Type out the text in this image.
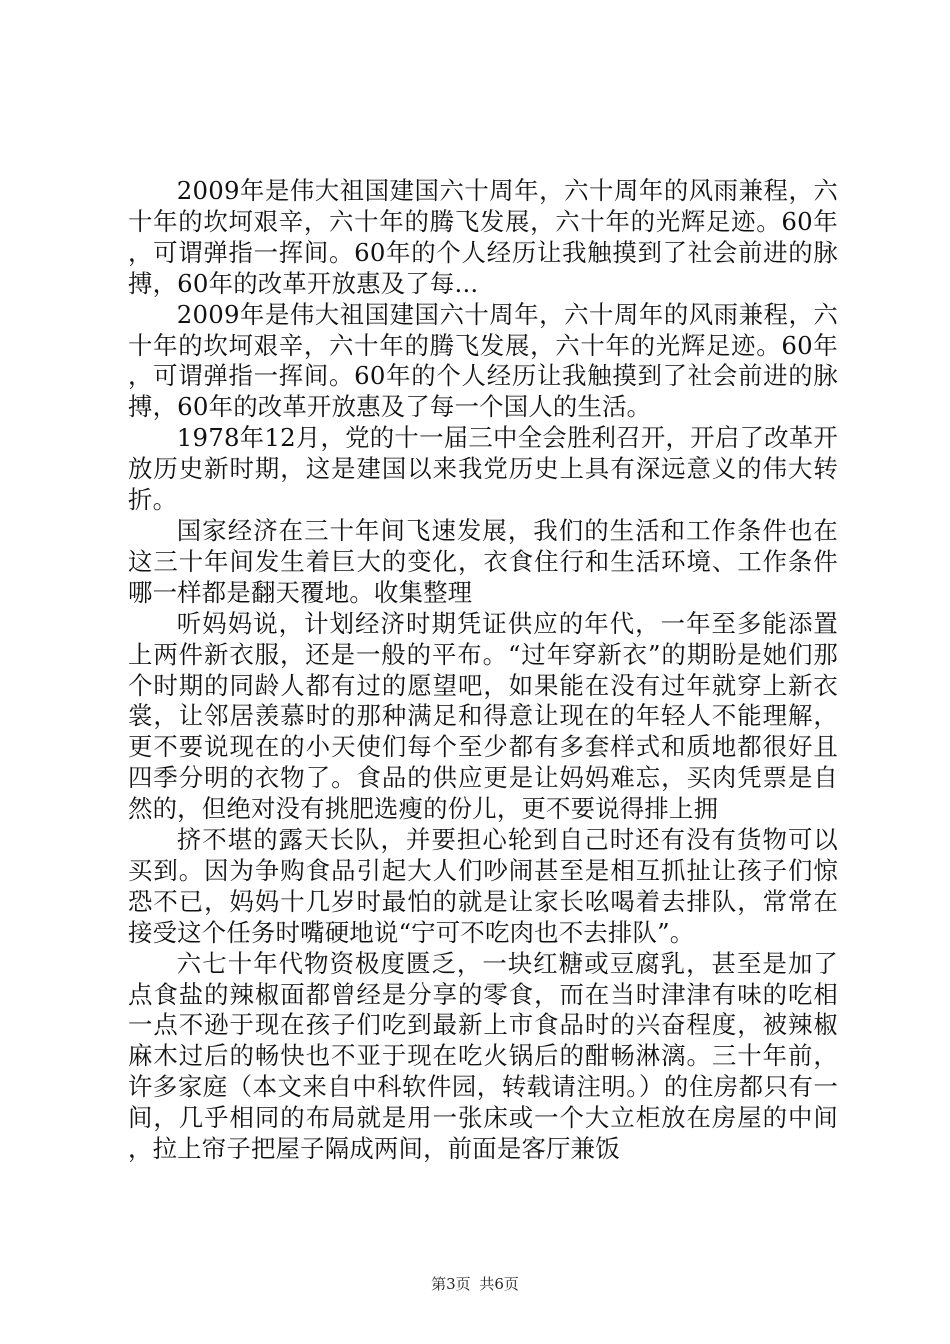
2009年是伟大祖国建国六十周年，六十周年的风雨兼程，六十年的坎坷艰辛，六十年的腾飞发展，六十年的光辉足迹。60年，可谓弹指一挥间。60年的个人经历让我触摸到了社会前进的脉搏，60年的改革开放惠及了每...

2009年是伟大祖国建国六十周年，六十周年的风雨兼程，六十年的坎坷艰辛，六十年的腾飞发展，六十年的光辉足迹。60年，可谓弹指一挥间。60年的个人经历让我触摸到了社会前进的脉搏，60年的改革开放惠及了每一个国人的生活。

1978年12月，党的十一届三中全会胜利召开，开启了改革开放历史新时期，这是建国以来我党历史上具有深远意义的伟大转折。

国家经济在三十年间飞速发展，我们的生活和工作条件也在这三十年间发生着巨大的变化，衣食住行和生活环境、工作条件哪一样都是翻天覆地。收集整理

听妈妈说，计划经济时期凭证供应的年代，一年至多能添置上两件新衣服，还是一般的平布。“过年穿新衣”的期盼是她们那个时期的同龄人都有过的愿望吧，如果能在没有过年就穿上新衣裳，让邻居羡慕时的那种满足和得意让现在的年轻人不能理解，更不要说现在的小天使们每个至少都有多套样式和质地都很好且四季分明的衣物了。食品的供应更是让妈妈难忘，买肉凭票是自然的，但绝对没有挑肥选瘦的份儿，更不要说得排上拥

挤不堪的露天长队，并要担心轮到自己时还有没有货物可以买到。因为争购食品引起大人们吵闹甚至是相互抓扯让孩子们惊恐不已，妈妈十几岁时最怕的就是让家长吆喝着去排队，常常在接受这个任务时嘴硬地说“宁可不吃肉也不去排队”。

六七十年代物资极度匮乏，一块红糖或豆腐乳，甚至是加了点食盐的辣椒面都曾经是分享的零食，而在当时津津有味的吃相一点不逊于现在孩子们吃到最新上市食品时的兴奋程度，被辣椒麻木过后的畅快也不亚于现在吃火锅后的酣畅淋漓。三十年前，许多家庭（本文来自中科软件园，转载请注明。）的住房都只有一间，几乎相同的布局就是用一张床或一个大立柜放在房屋的中间，拉上帘子把屋子隔成两间，前面是客厅兼饭

第3页 共6页
